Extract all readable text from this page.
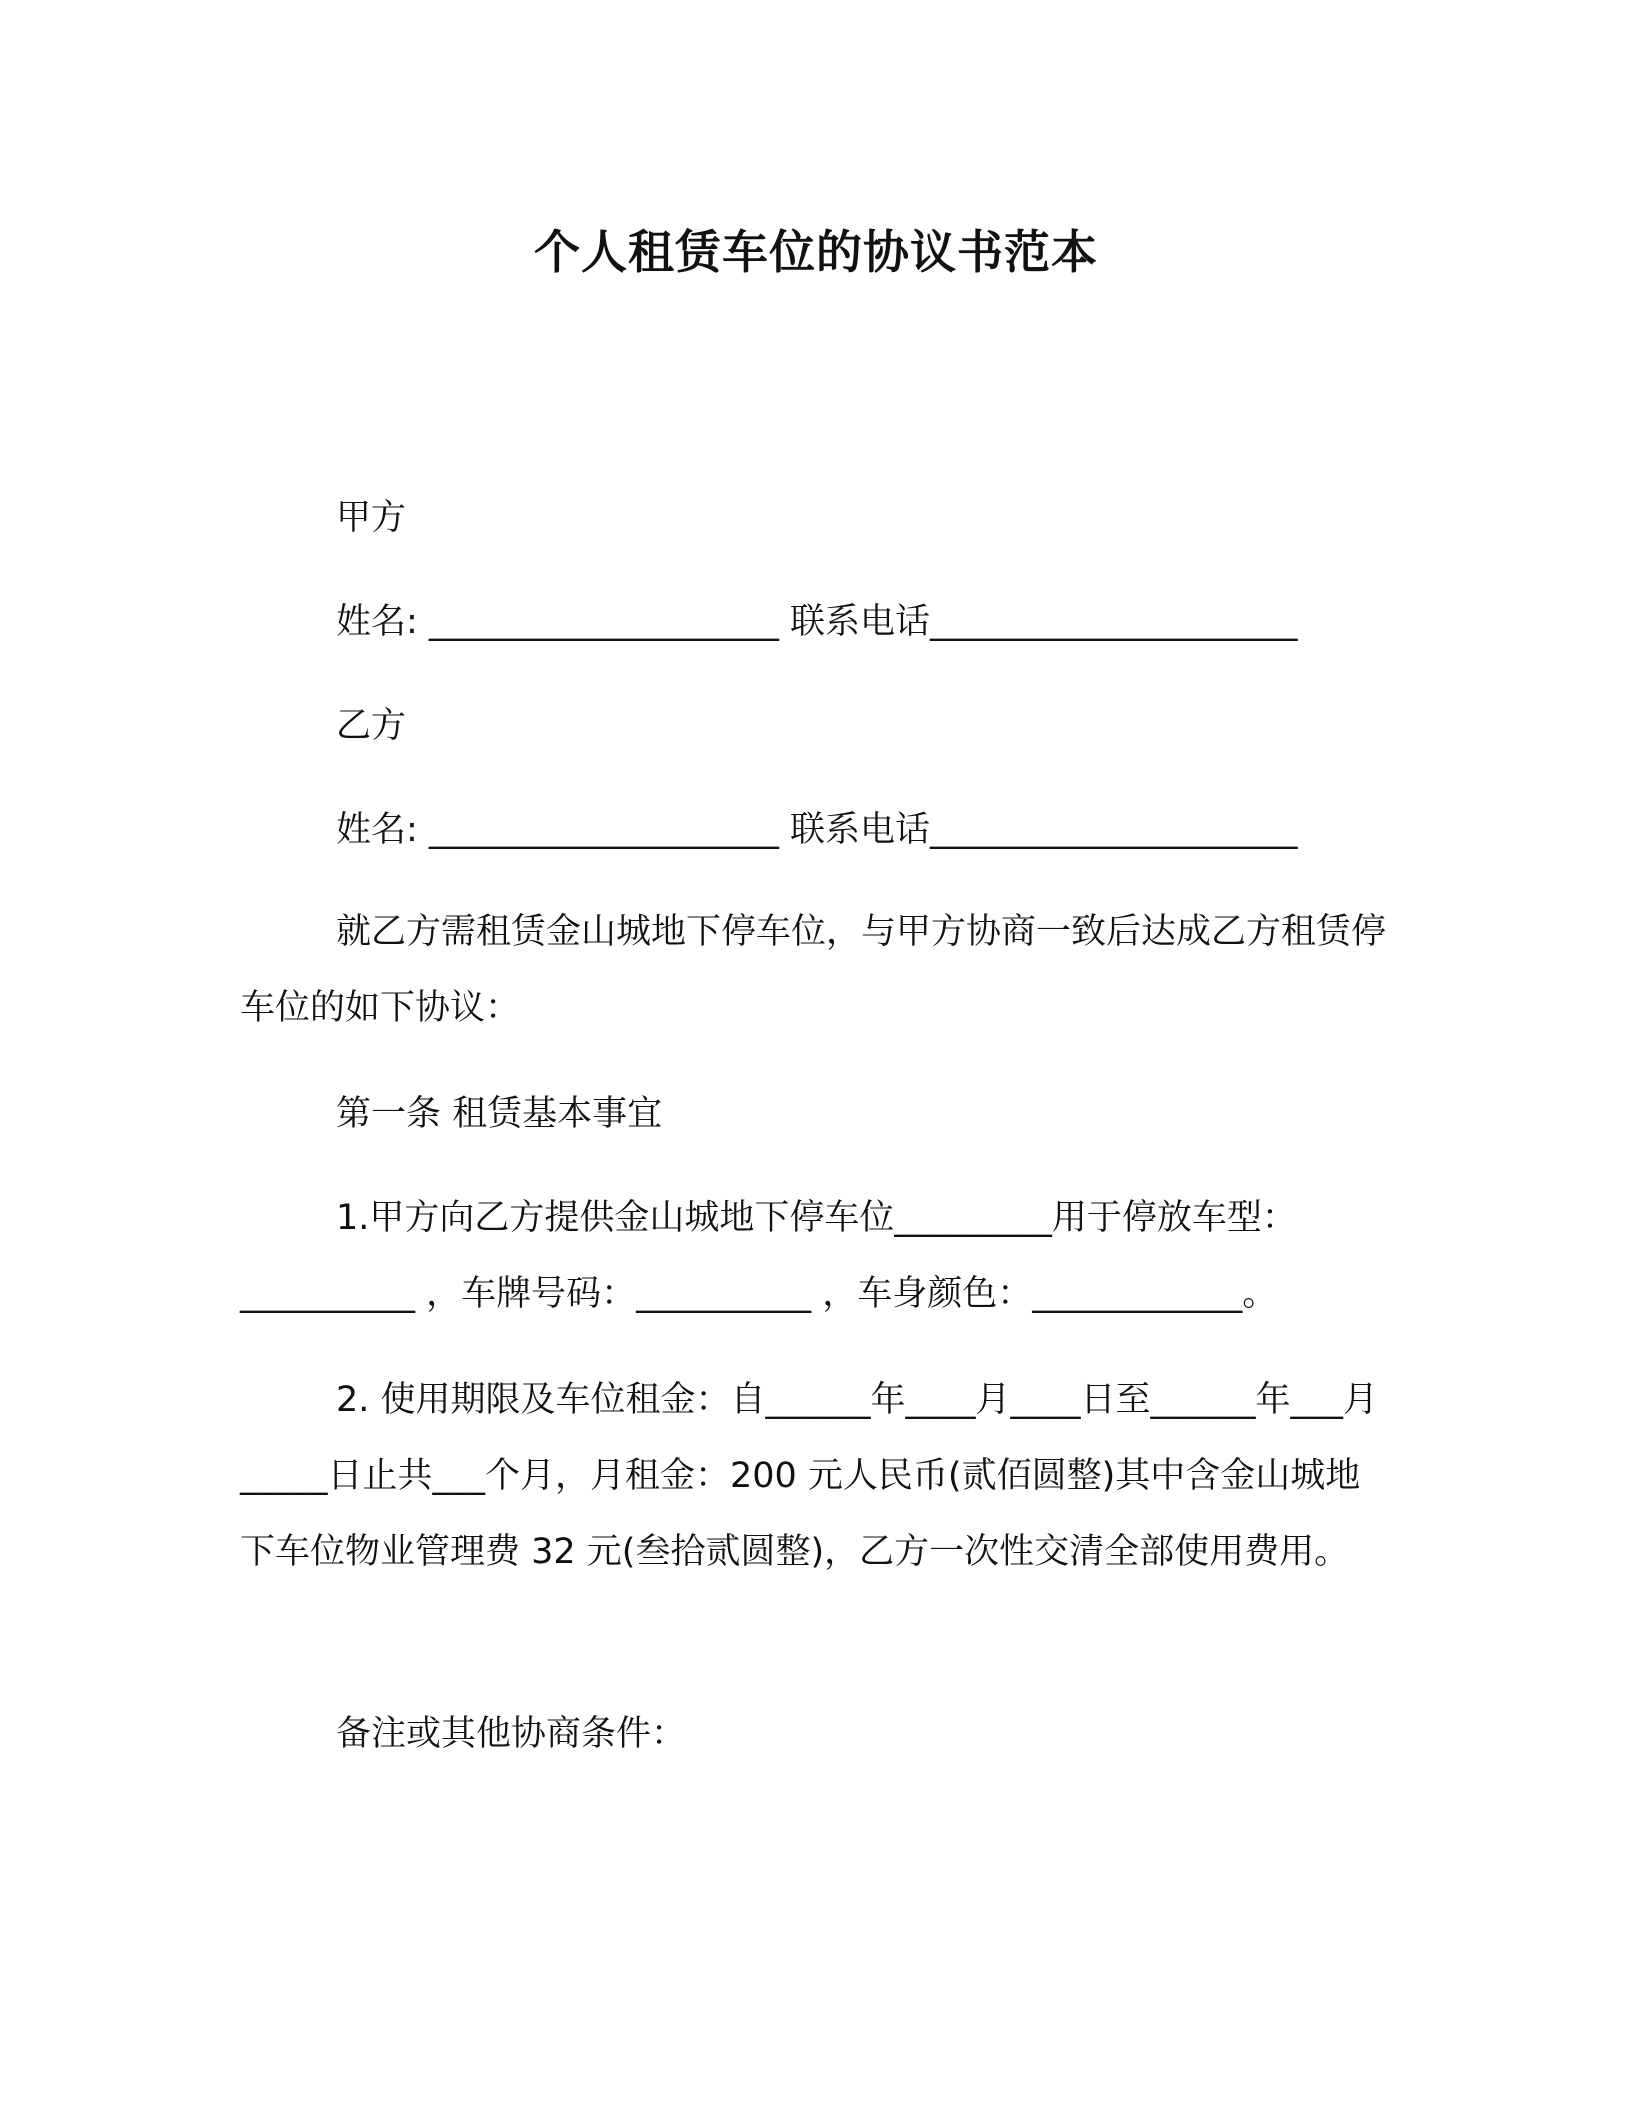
个人租赁车位的协议书范本
甲方
姓名: ____________________ 联系电话_____________________
乙方
姓名: ____________________ 联系电话_____________________
就乙方需租赁金山城地下停车位，与甲方协商一致后达成乙方租赁停车位的如下协议：
第一条 租赁基本事宜
1.甲方向乙方提供金山城地下停车位_________用于停放车型：__________ ，车牌号码：__________ ，车身颜色：____________。
2. 使用期限及车位租金：自______年____月____日至______年___月_____日止共___个月，月租金：200 元人民币(贰佰圆整)其中含金山城地下车位物业管理费 32 元(叁拾贰圆整)，乙方一次性交清全部使用费用。
备注或其他协商条件：
